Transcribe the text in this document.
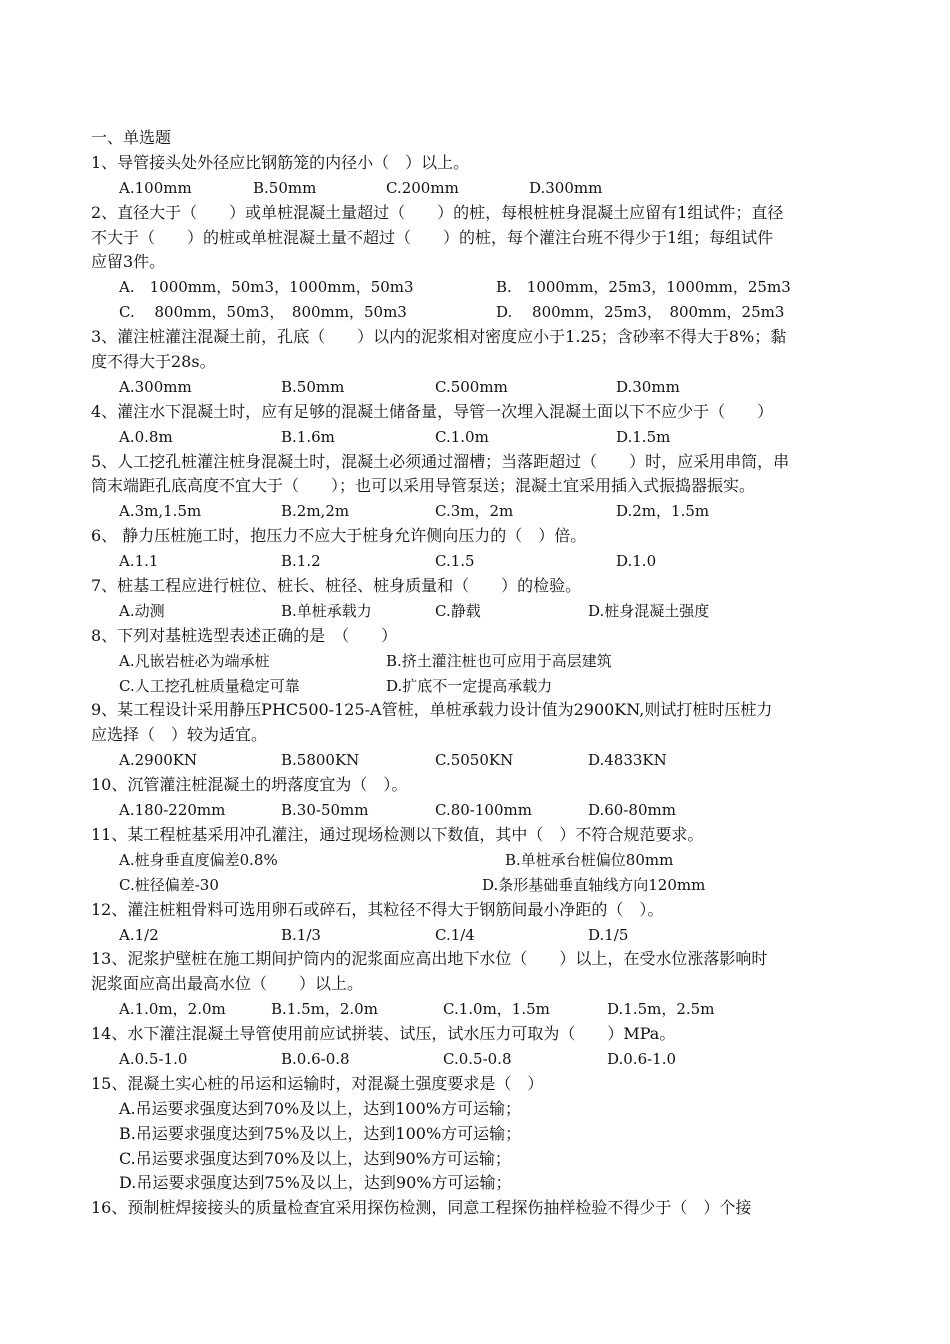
一、单选题
1、导管接头处外径应比钢筋笼的内径小（　）以上。
A.100mm	B.50mm	C.200mm	D.300mm
2、直径大于（　　）或单桩混凝土量超过（　　）的桩，每根桩桩身混凝土应留有1组试件；直径
不大于（　　）的桩或单桩混凝土量不超过（　　）的桩，每个灌注台班不得少于1组；每组试件
应留3件。
A.　1000mm，50m3，1000mm，50m3	B.　1000mm，25m3，1000mm，25m3
C.　 800mm，50m3，　800mm，50m3	D.　 800mm，25m3，　800mm，25m3
3、灌注桩灌注混凝土前，孔底（　　）以内的泥浆相对密度应小于1.25；含砂率不得大于8%；黏
度不得大于28s。
A.300mm	B.50mm	C.500mm	D.30mm
4、灌注水下混凝土时，应有足够的混凝土储备量，导管一次埋入混凝土面以下不应少于（　　）
A.0.8m	B.1.6m	C.1.0m	D.1.5m
5、人工挖孔桩灌注桩身混凝土时，混凝土必须通过溜槽；当落距超过（　　）时，应采用串筒，串
筒末端距孔底高度不宜大于（　　）；也可以采用导管泵送；混凝土宜采用插入式振捣器振实。
A.3m,1.5m	B.2m,2m	C.3m，2m	D.2m，1.5m
6、 静力压桩施工时，抱压力不应大于桩身允许侧向压力的（　）倍。
A.1.1	B.1.2	C.1.5	D.1.0
7、桩基工程应进行桩位、桩长、桩径、桩身质量和（　　）的检验。
A.动测	B.单桩承载力	C.静载	D.桩身混凝土强度
8、下列对基桩选型表述正确的是　（　　）
A.凡嵌岩桩必为端承桩	B.挤土灌注桩也可应用于高层建筑
C.人工挖孔桩质量稳定可靠	D.扩底不一定提高承载力
9、某工程设计采用静压PHC500-125-A管桩，单桩承载力设计值为2900KN,则试打桩时压桩力
应选择（　）较为适宜。
A.2900KN	B.5800KN	C.5050KN	D.4833KN
10、沉管灌注桩混凝土的坍落度宜为（　）。
A.180-220mm	B.30-50mm	C.80-100mm	D.60-80mm
11、某工程桩基采用冲孔灌注，通过现场检测以下数值，其中（　）不符合规范要求。
A.桩身垂直度偏差0.8%	B.单桩承台桩偏位80mm
C.桩径偏差-30	D.条形基础垂直轴线方向120mm
12、灌注桩粗骨料可选用卵石或碎石，其粒径不得大于钢筋间最小净距的（　）。
A.1/2	B.1/3	C.1/4	D.1/5
13、泥浆护壁桩在施工期间护筒内的泥浆面应高出地下水位（　　）以上，在受水位涨落影响时
泥浆面应高出最高水位（　　）以上。
A.1.0m，2.0m	B.1.5m，2.0m	C.1.0m，1.5m	D.1.5m，2.5m
14、水下灌注混凝土导管使用前应试拼装、试压，试水压力可取为（　　）MPa。
A.0.5-1.0	B.0.6-0.8	C.0.5-0.8	D.0.6-1.0
15、混凝土实心桩的吊运和运输时，对混凝土强度要求是（　）
A.吊运要求强度达到70%及以上，达到100%方可运输；
B.吊运要求强度达到75%及以上，达到100%方可运输；
C.吊运要求强度达到70%及以上，达到90%方可运输；
D.吊运要求强度达到75%及以上，达到90%方可运输；
16、预制桩焊接接头的质量检查宜采用探伤检测，同意工程探伤抽样检验不得少于（　）个接
